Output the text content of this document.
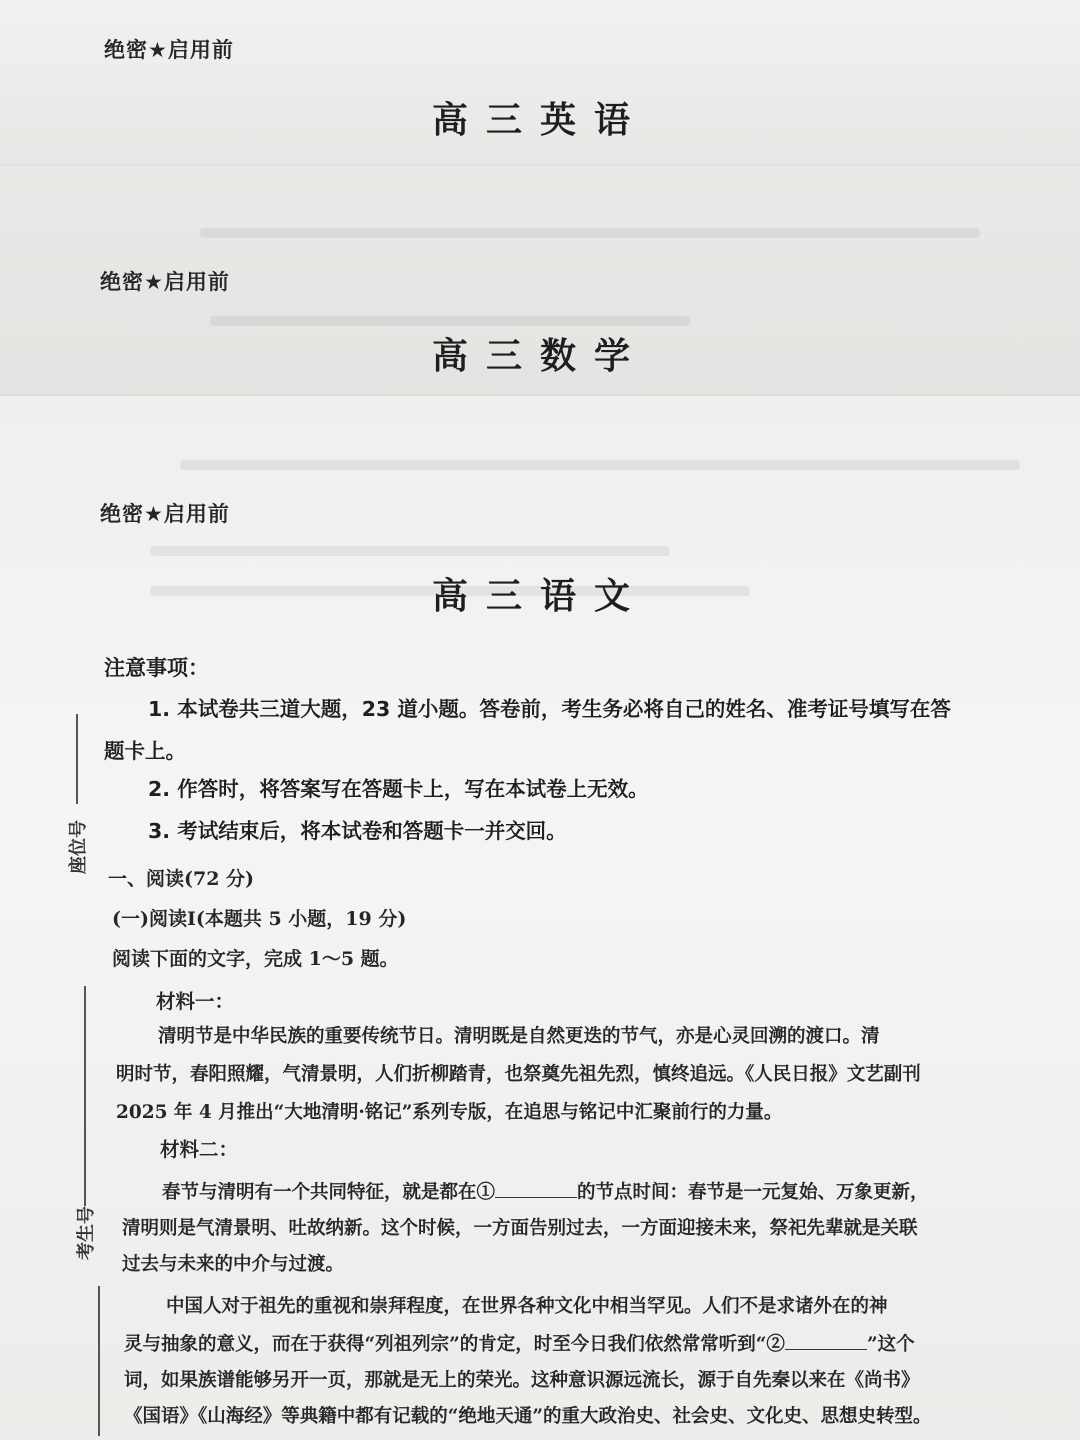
绝密★启用前
高三英语
绝密★启用前
高三数学
绝密★启用前
高三语文
注意事项：
1. 本试卷共三道大题，23 道小题。答卷前，考生务必将自己的姓名、准考证号填写在答
题卡上。
2. 作答时，将答案写在答题卡上，写在本试卷上无效。
3. 考试结束后，将本试卷和答题卡一并交回。
一、阅读(72 分)
(一)阅读Ⅰ(本题共 5 小题，19 分)
阅读下面的文字，完成 1～5 题。
材料一：
清明节是中华民族的重要传统节日。清明既是自然更迭的节气，亦是心灵回溯的渡口。清
明时节，春阳照耀，气清景明，人们折柳踏青，也祭奠先祖先烈，慎终追远。《人民日报》文艺副刊
2025 年 4 月推出“大地清明·铭记”系列专版，在追思与铭记中汇聚前行的力量。
材料二：
春节与清明有一个共同特征，就是都在①	的节点时间：春节是一元复始、万象更新，
清明则是气清景明、吐故纳新。这个时候，一方面告别过去，一方面迎接未来，祭祀先辈就是关联
过去与未来的中介与过渡。
中国人对于祖先的重视和崇拜程度，在世界各种文化中相当罕见。人们不是求诸外在的神
灵与抽象的意义，而在于获得“列祖列宗”的肯定，时至今日我们依然常常听到“②	”这个
词，如果族谱能够另开一页，那就是无上的荣光。这种意识源远流长，源于自先秦以来在《尚书》
《国语》《山海经》等典籍中都有记载的“绝地天通”的重大政治史、社会史、文化史、思想史转型。
座位号
考生号
